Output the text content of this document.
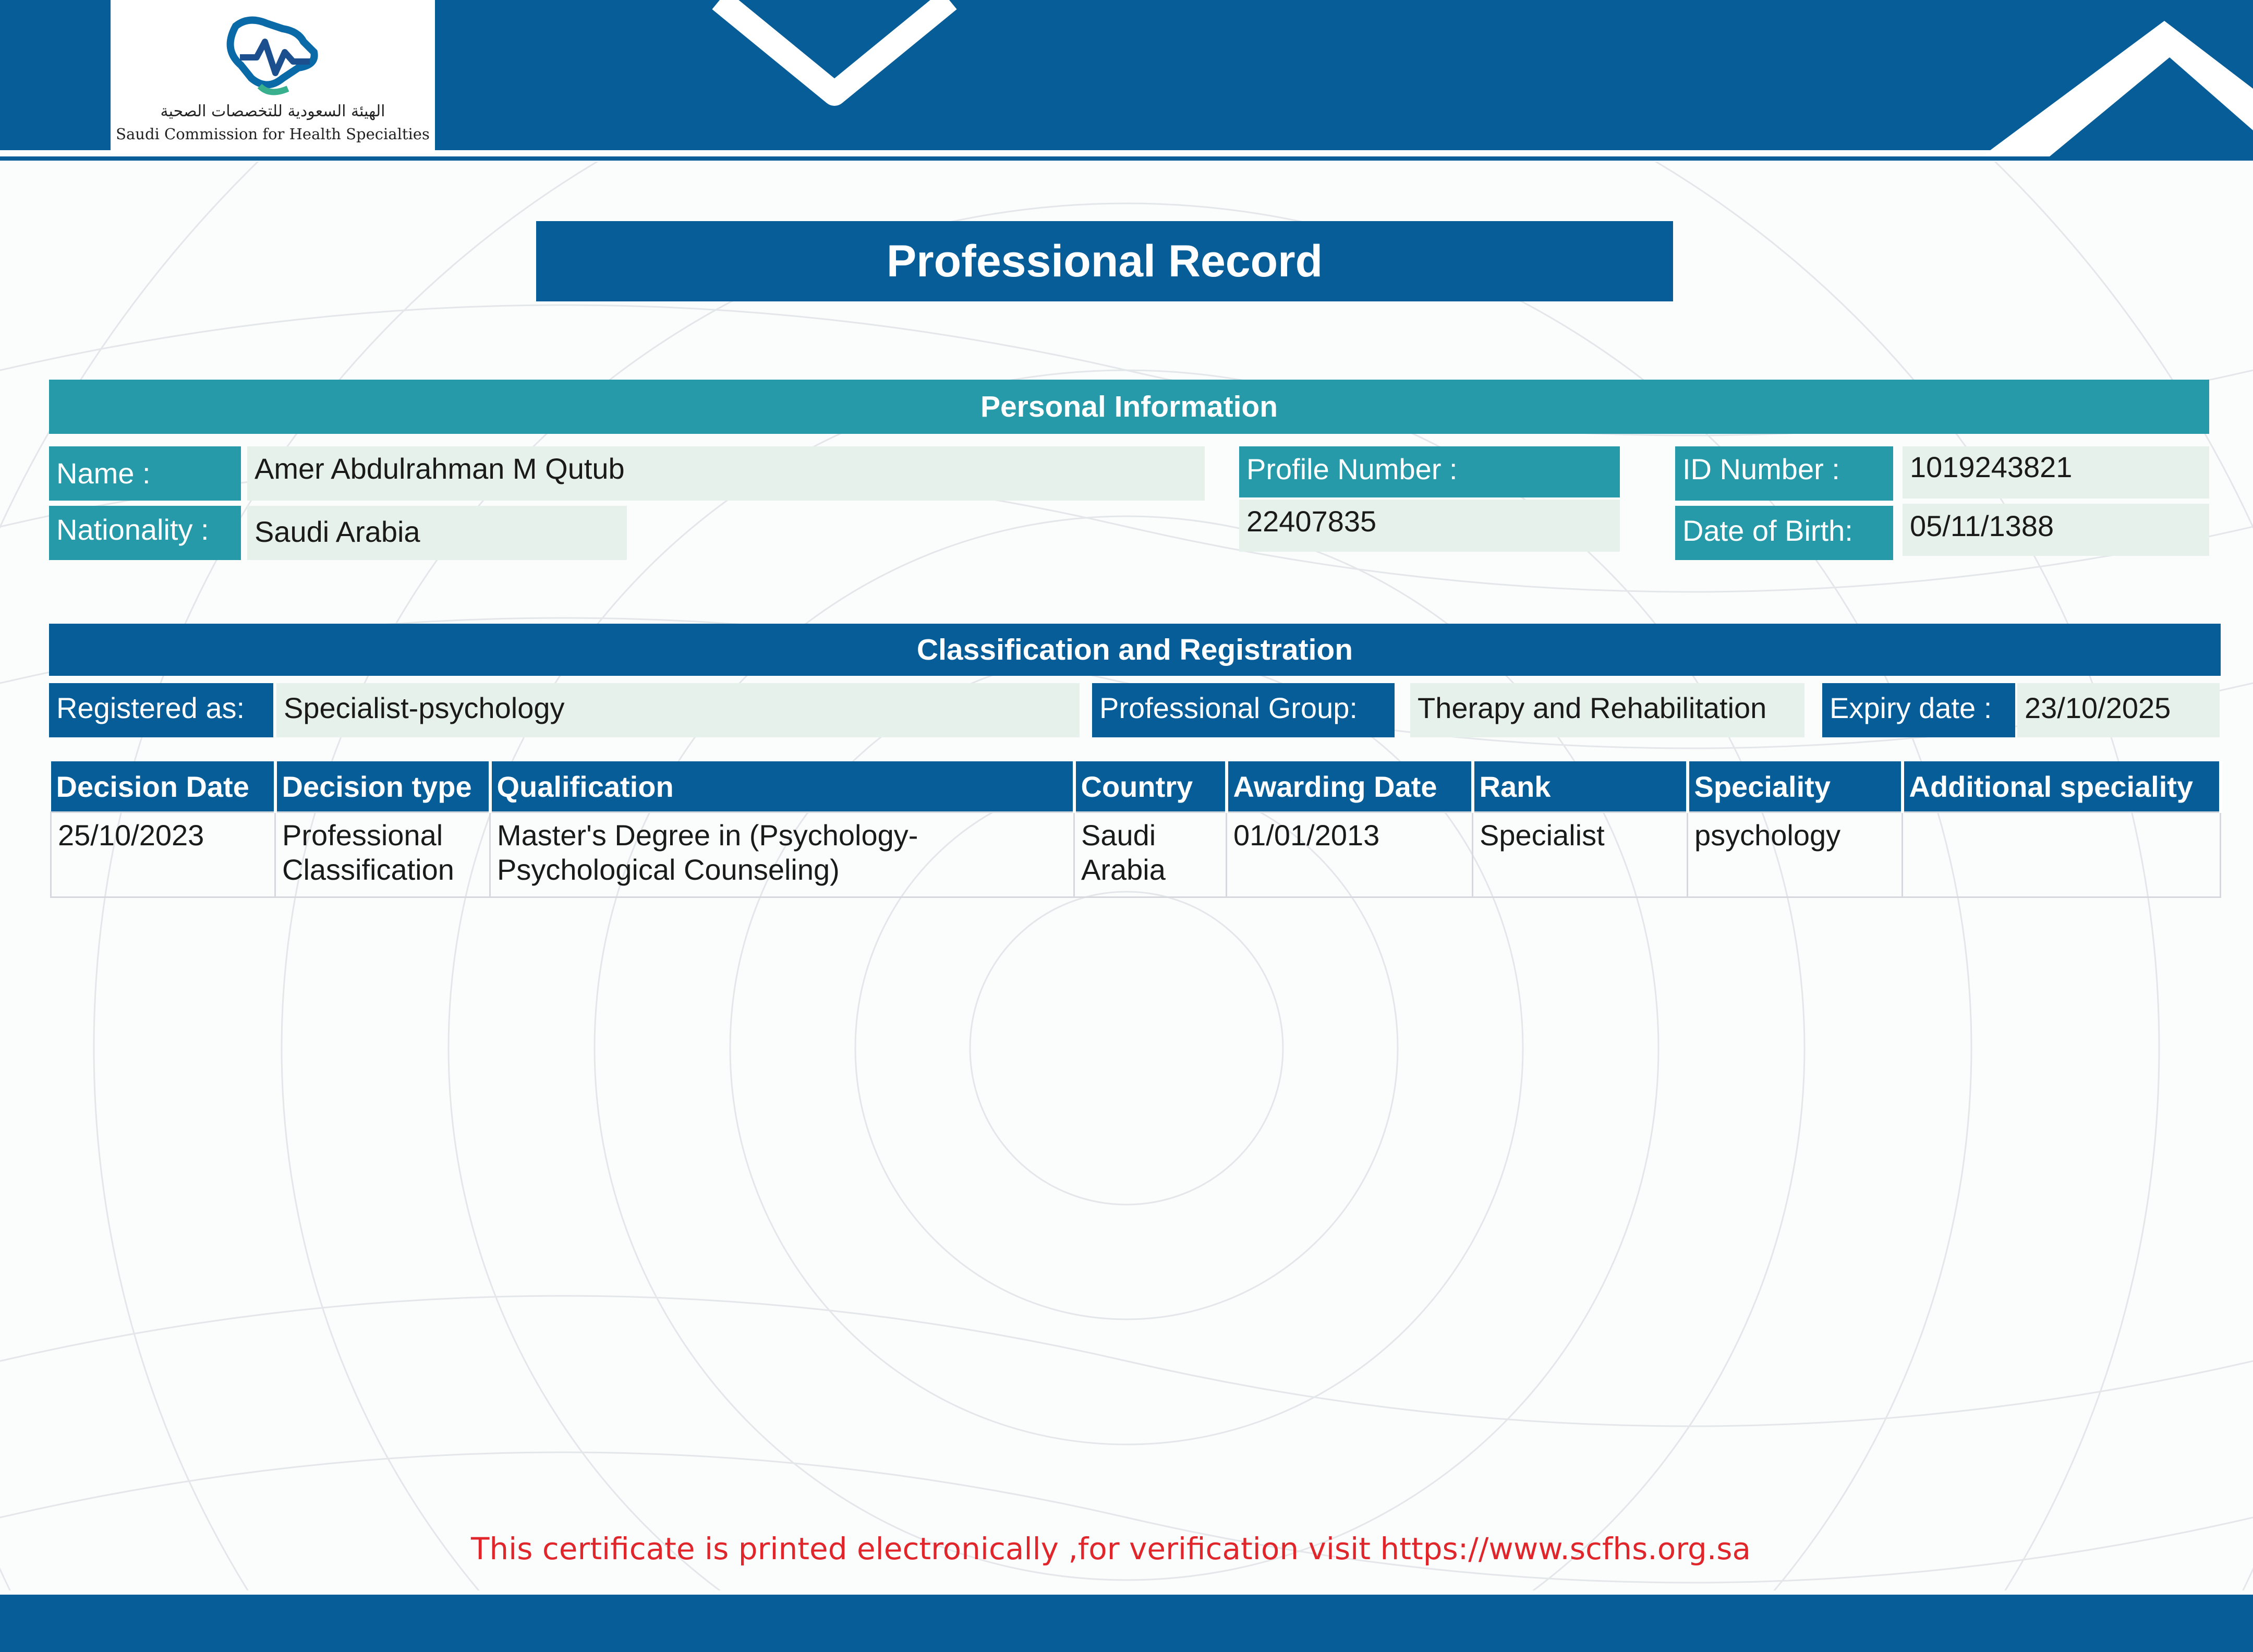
الهيئة السعودية للتخصصات الصحية
Saudi Commission for Health Specialties
Professional Record
Personal Information
Name :	Amer Abdulrahman M Qutub
Nationality :	Saudi Arabia
Profile Number :
22407835
ID Number :	1019243821
Date of Birth:	05/11/1388
Classification and Registration
Registered as:	Specialist-psychology	Professional Group:	Therapy and Rehabilitation	Expiry date :	23/10/2025
Decision Date	Decision type	Qualification	Country	Awarding Date	Rank	Speciality	Additional speciality
25/10/2023	Professional Classification	Master's Degree in (Psychology-Psychological Counseling)	Saudi Arabia	01/01/2013	Specialist	psychology	
This certificate is printed electronically ,for verification visit https://www.scfhs.org.sa
